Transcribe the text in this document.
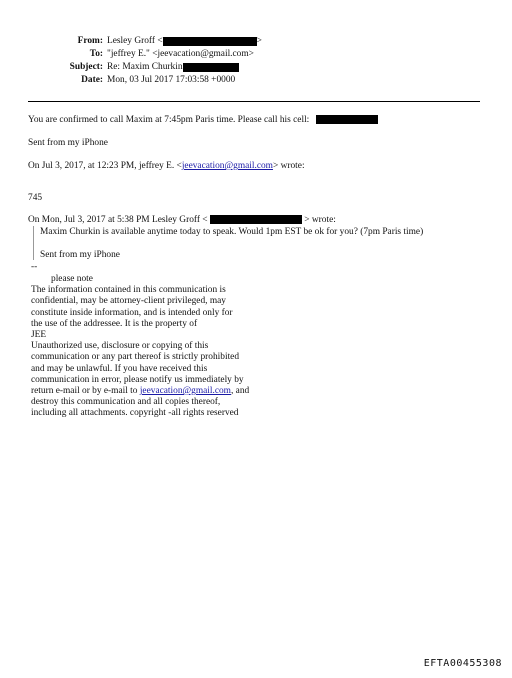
From: Lesley Groff <	>
To: "jeffrey E." <jeevacation@gmail.com>
Subject: Re: Maxim Churkin
Date: Mon, 03 Jul 2017 17:03:58 +0000
You are confirmed to call Maxim at 7:45pm Paris time. Please call his cell:
Sent from my iPhone
On Jul 3, 2017, at 12:23 PM, jeffrey E. <jeevacation@gmail.com> wrote:
745
On Mon, Jul 3, 2017 at 5:38 PM Lesley Groff <	> wrote:
Maxim Churkin is available anytime today to speak. Would 1pm EST be ok for you? (7pm Paris time)
Sent from my iPhone
--
please note
The information contained in this communication is
confidential, may be attorney-client privileged, may
constitute inside information, and is intended only for
the use of the addressee. It is the property of
JEE
Unauthorized use, disclosure or copying of this
communication or any part thereof is strictly prohibited
and may be unlawful. If you have received this
communication in error, please notify us immediately by
return e-mail or by e-mail to jeevacation@gmail.com, and
destroy this communication and all copies thereof,
including all attachments. copyright -all rights reserved
EFTA00455308
